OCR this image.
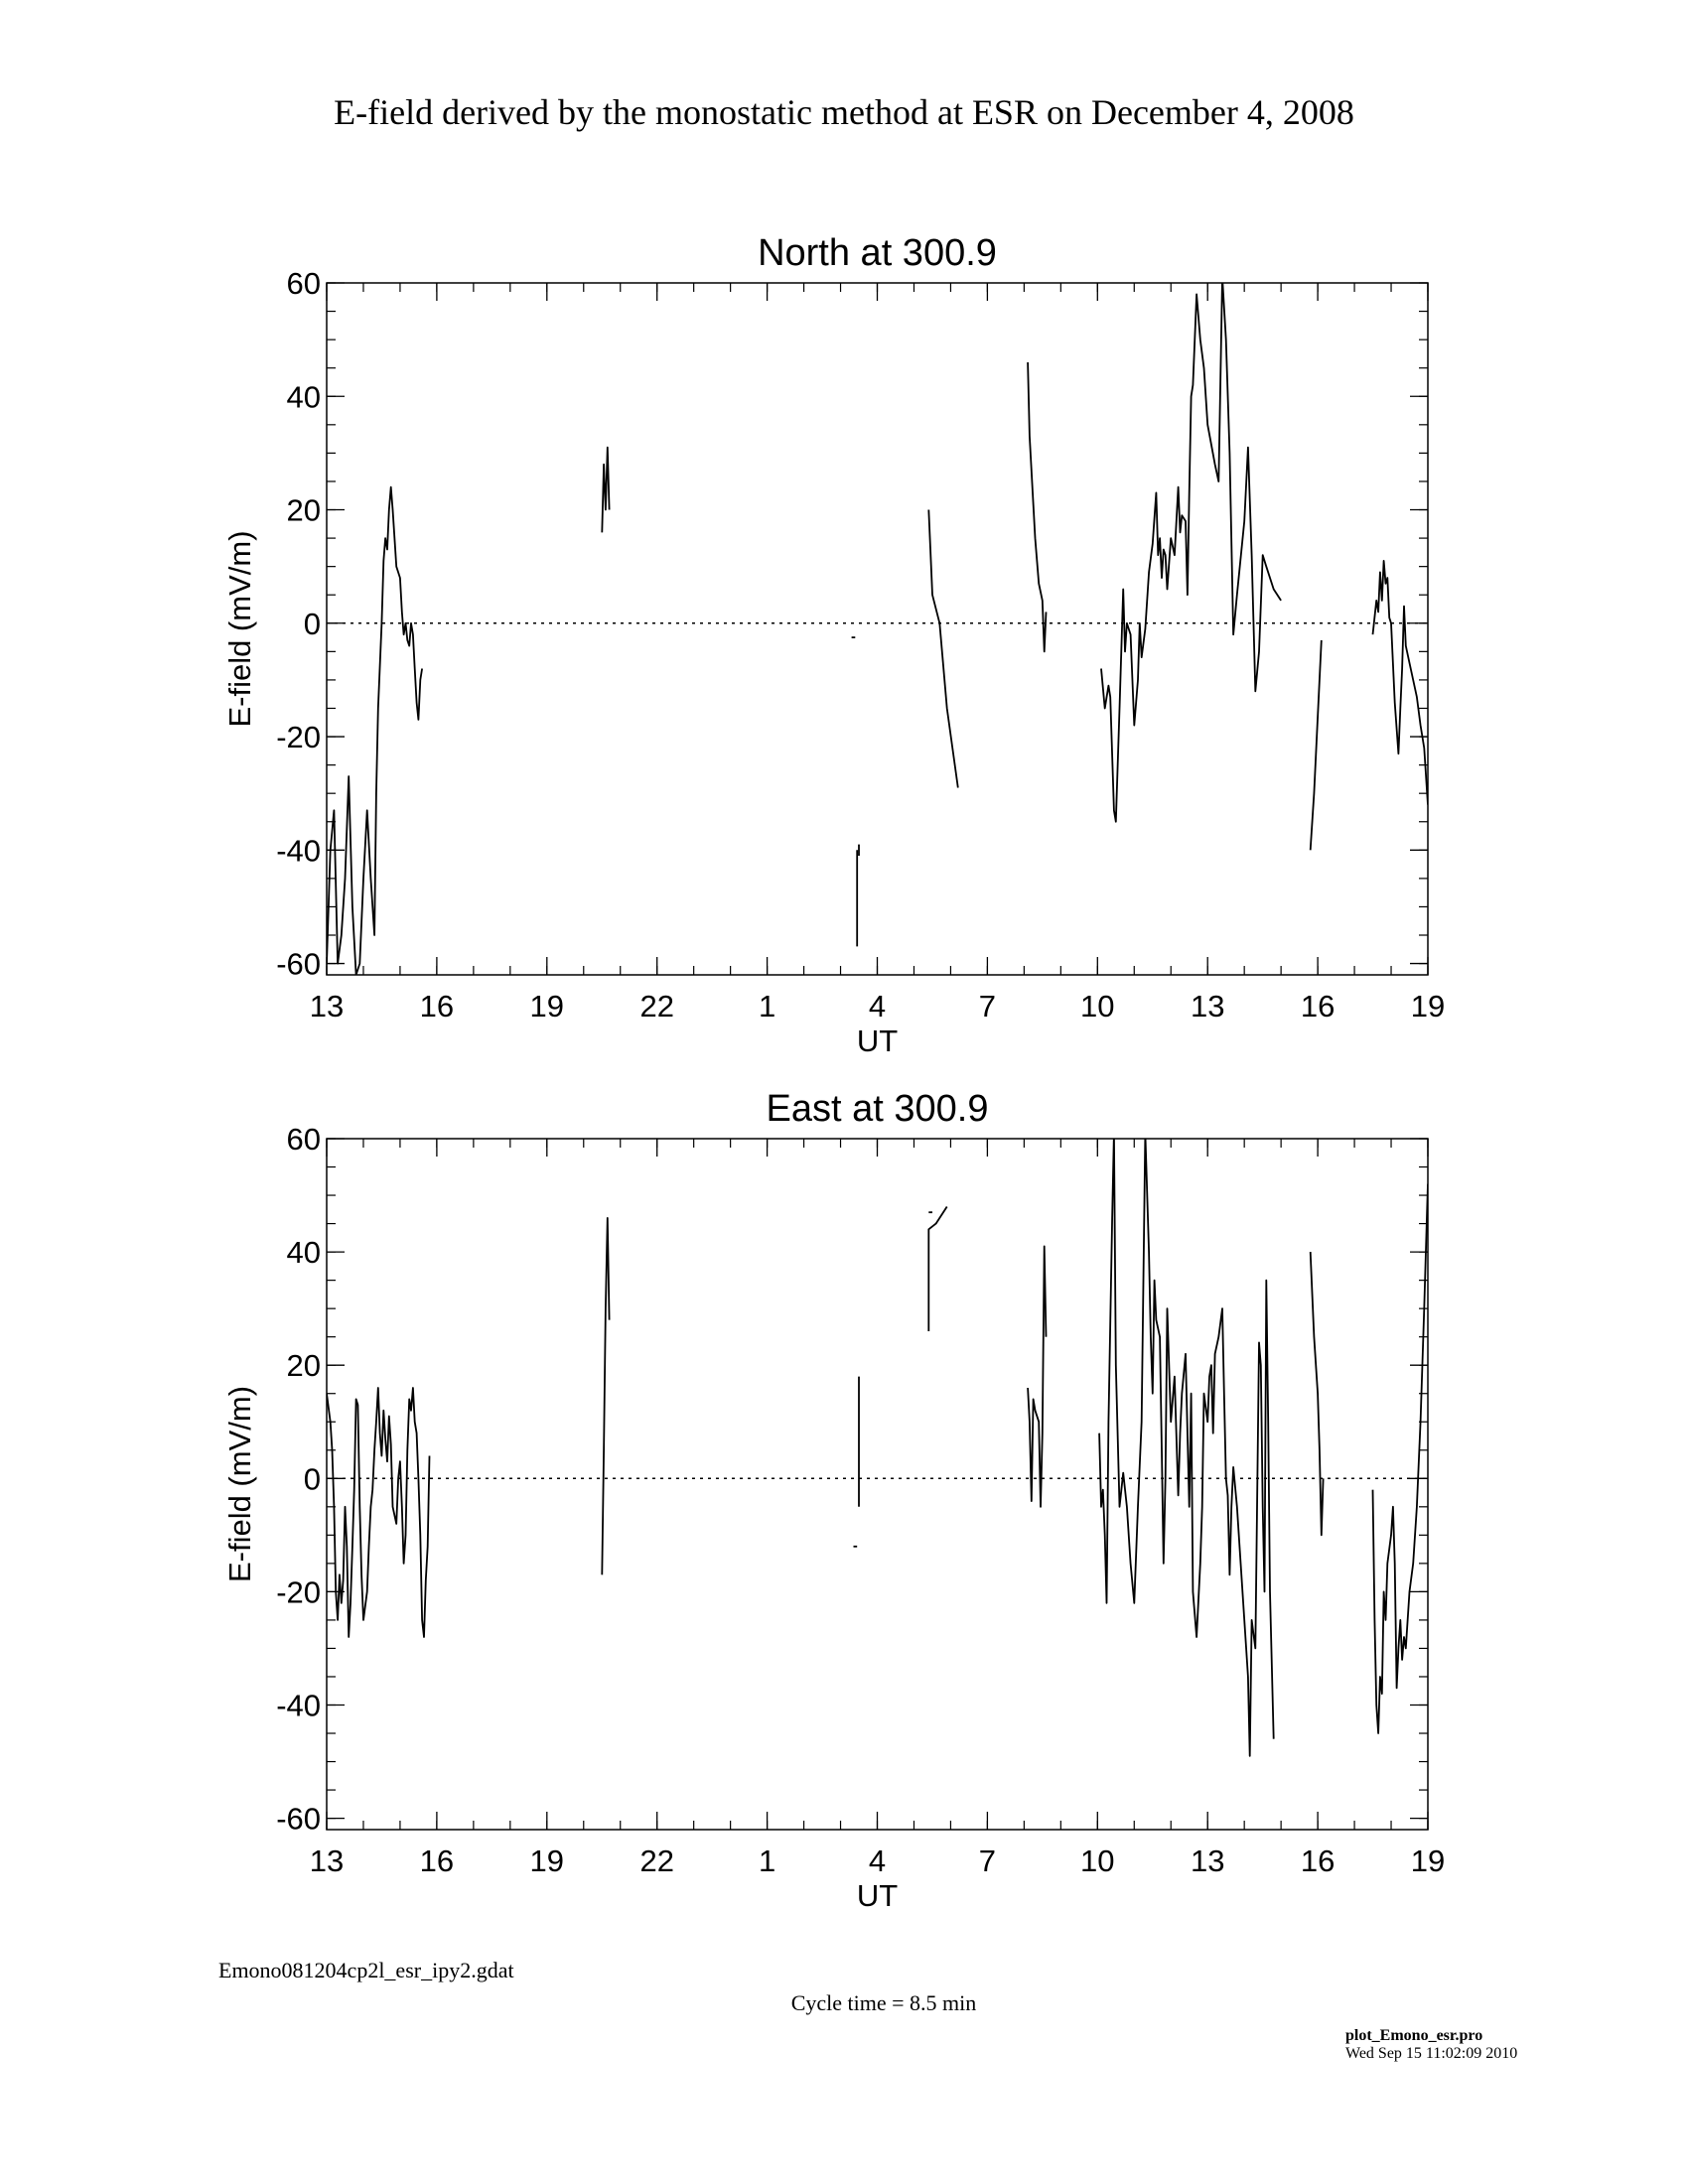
E-field derived by the monostatic method at ESR on December 4, 2008
13 16 19 22	1	4	7	10 13 16 19
-60
-40
-20
0
20
40
60
North at 300.9
UT
E-field (mV/m)
13 16 19 22	1	4	7	10 13 16 19
-60
-40
-20
0
20
40
60
East at 300.9
UT
E-field (mV/m)
Emono081204cp2l_esr_ipy2.gdat
Cycle time = 8.5 min
plot_Emono_esr.pro
Wed Sep 15 11:02:09 2010
